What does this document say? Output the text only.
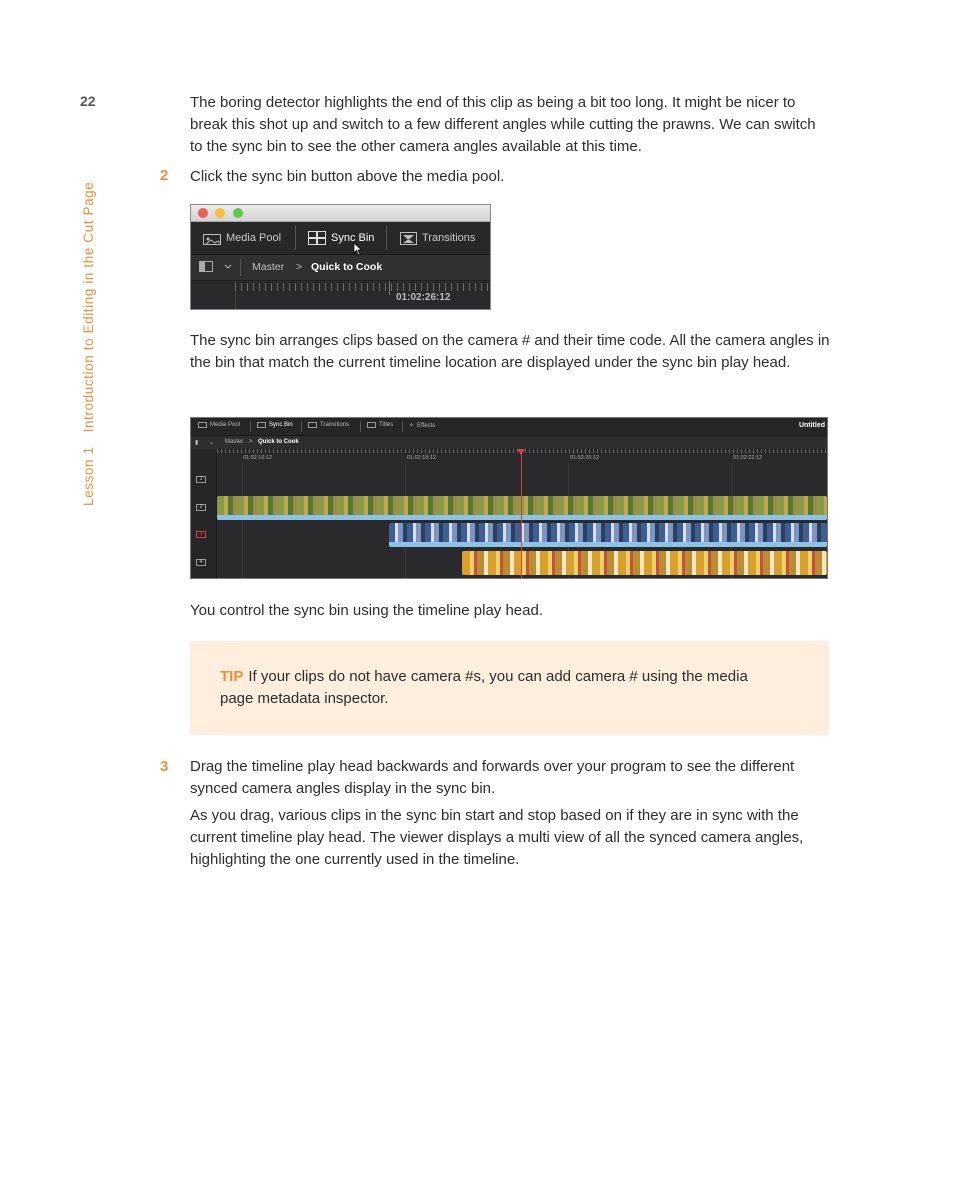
22
Lesson 1Introduction to Editing in the Cut Page

The boring detector highlights the end of this clip as being a bit too long. It might be nicer to break this shot up and switch to a few different angles while cutting the prawns. We can switch to the sync bin to see the other camera angles available at this time.

2 Click the sync bin button above the media pool.

Media Pool	Sync Bin	Transitions
Master > Quick to Cook
01:02:26:12

The sync bin arranges clips based on the camera # and their time code. All the camera angles in the bin that match the current timeline location are displayed under the sync bin play head.

Media Pool	Sync Bin	Transitions	Titles	✧ Effects	Untitled
▮ ⌄ Master > Quick to Cook
1
2
3
4
01:02:16:12	01:02:18:12	01:02:20:12	01:02:22:12

You control the sync bin using the timeline play head.

TIP If your clips do not have camera #s, you can add camera # using the media page metadata inspector.

3 Drag the timeline play head backwards and forwards over your program to see the different synced camera angles display in the sync bin.

As you drag, various clips in the sync bin start and stop based on if they are in sync with the current timeline play head. The viewer displays a multi view of all the synced camera angles, highlighting the one currently used in the timeline.
